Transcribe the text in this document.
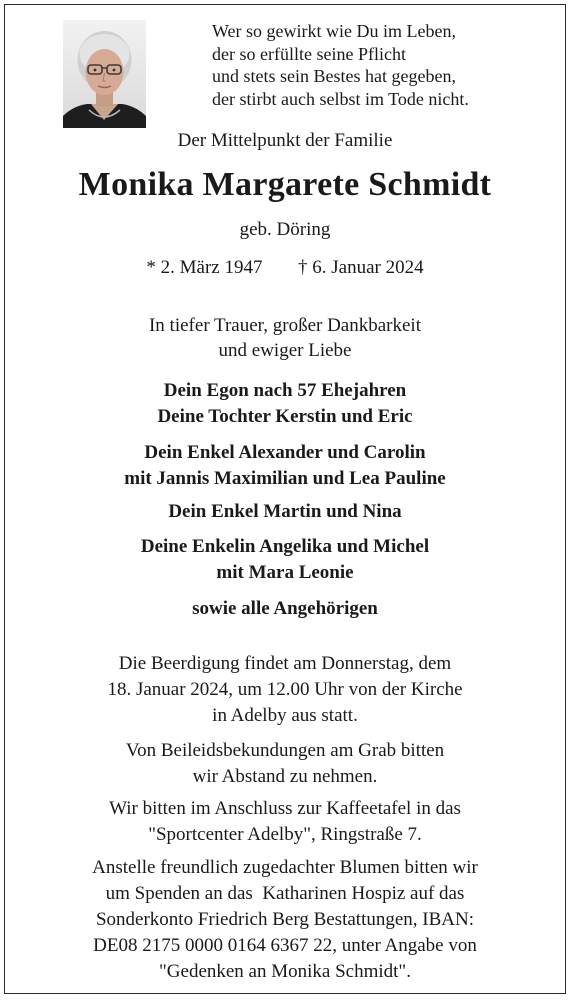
Wer so gewirkt wie Du im Leben,
der so erfüllte seine Pflicht
und stets sein Bestes hat gegeben,
der stirbt auch selbst im Tode nicht.
Der Mittelpunkt der Familie
Monika Margarete Schmidt
geb. Döring
* 2. März 1947 † 6. Januar 2024
In tiefer Trauer, großer Dankbarkeit
und ewiger Liebe
Dein Egon nach 57 Ehejahren
Deine Tochter Kerstin und Eric
Dein Enkel Alexander und Carolin
mit Jannis Maximilian und Lea Pauline
Dein Enkel Martin und Nina
Deine Enkelin Angelika und Michel
mit Mara Leonie
sowie alle Angehörigen
Die Beerdigung findet am Donnerstag, dem
18. Januar 2024, um 12.00 Uhr von der Kirche
in Adelby aus statt.
Von Beileidsbekundungen am Grab bitten
wir Abstand zu nehmen.
Wir bitten im Anschluss zur Kaffeetafel in das
"Sportcenter Adelby", Ringstraße 7.
Anstelle freundlich zugedachter Blumen bitten wir
um Spenden an das  Katharinen Hospiz auf das
Sonderkonto Friedrich Berg Bestattungen, IBAN:
DE08 2175 0000 0164 6367 22, unter Angabe von
"Gedenken an Monika Schmidt".
